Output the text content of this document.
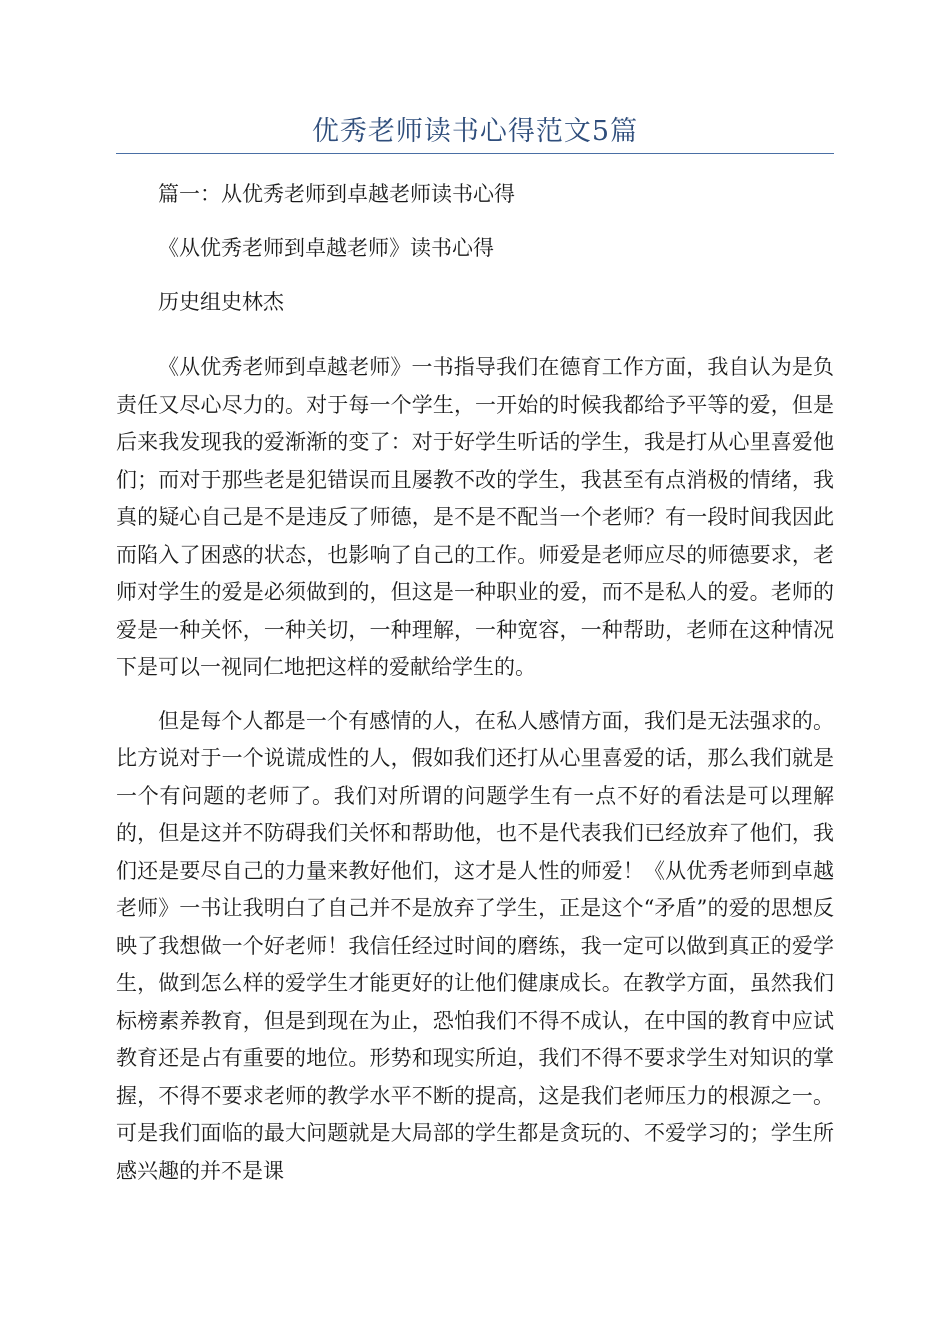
优秀老师读书心得范文5篇

篇一：从优秀老师到卓越老师读书心得

《从优秀老师到卓越老师》读书心得

历史组史林杰

《从优秀老师到卓越老师》一书指导我们在德育工作方面，我自认为是负责任又尽心尽力的。对于每一个学生，一开始的时候我都给予平等的爱，但是后来我发现我的爱渐渐的变了：对于好学生听话的学生，我是打从心里喜爱他们；而对于那些老是犯错误而且屡教不改的学生，我甚至有点消极的情绪，我真的疑心自己是不是违反了师德，是不是不配当一个老师？有一段时间我因此而陷入了困惑的状态，也影响了自己的工作。师爱是老师应尽的师德要求，老师对学生的爱是必须做到的，但这是一种职业的爱，而不是私人的爱。老师的爱是一种关怀，一种关切，一种理解，一种宽容，一种帮助，老师在这种情况下是可以一视同仁地把这样的爱献给学生的。

但是每个人都是一个有感情的人，在私人感情方面，我们是无法强求的。比方说对于一个说谎成性的人，假如我们还打从心里喜爱的话，那么我们就是一个有问题的老师了。我们对所谓的问题学生有一点不好的看法是可以理解的，但是这并不防碍我们关怀和帮助他，也不是代表我们已经放弃了他们，我们还是要尽自己的力量来教好他们，这才是人性的师爱！《从优秀老师到卓越老师》一书让我明白了自己并不是放弃了学生，正是这个“矛盾”的爱的思想反映了我想做一个好老师！我信任经过时间的磨练，我一定可以做到真正的爱学生，做到怎么样的爱学生才能更好的让他们健康成长。在教学方面，虽然我们标榜素养教育，但是到现在为止，恐怕我们不得不成认，在中国的教育中应试教育还是占有重要的地位。形势和现实所迫，我们不得不要求学生对知识的掌握，不得不要求老师的教学水平不断的提高，这是我们老师压力的根源之一。可是我们面临的最大问题就是大局部的学生都是贪玩的、不爱学习的；学生所感兴趣的并不是课
